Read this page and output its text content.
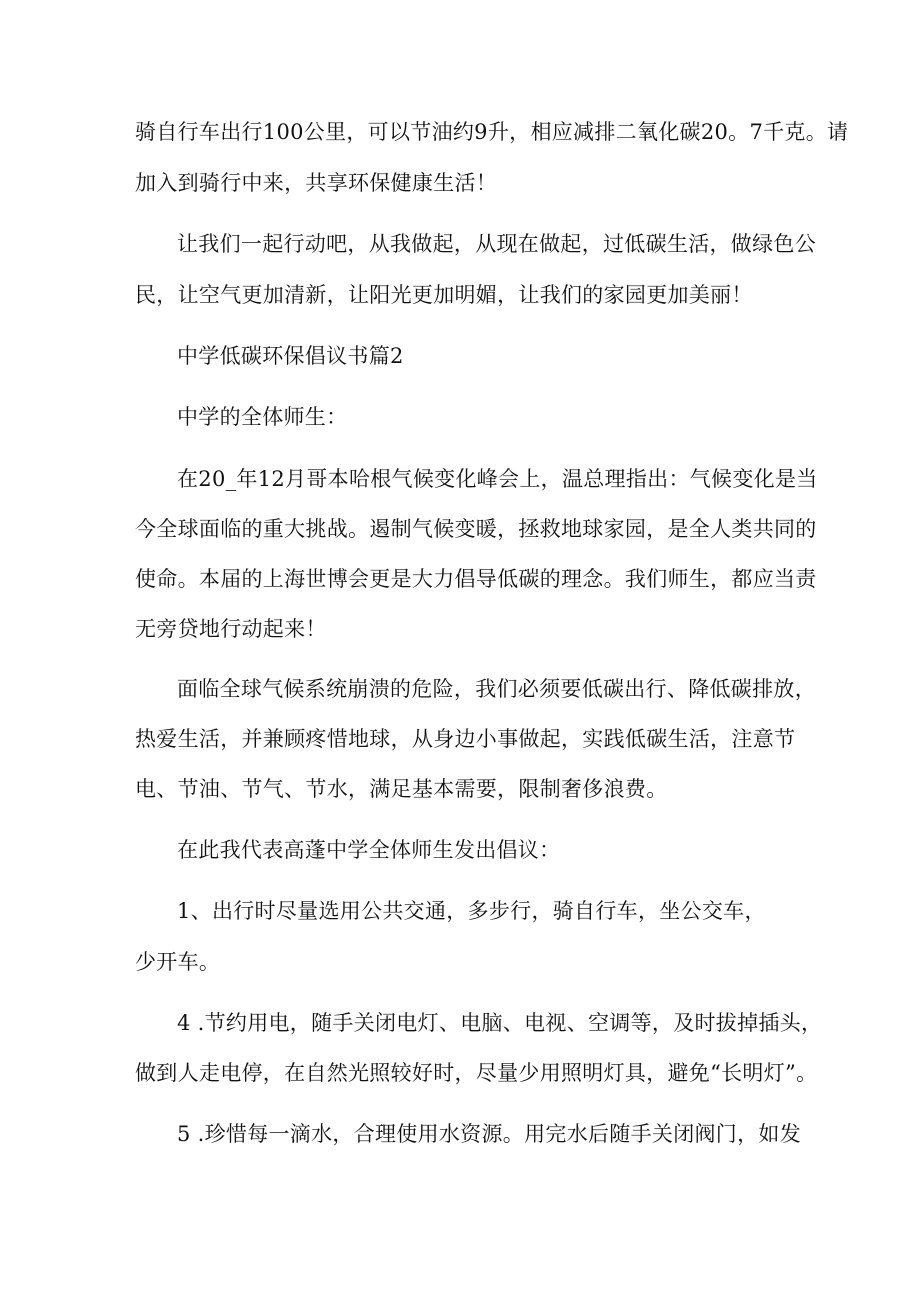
骑自行车出行100公里，可以节油约9升，相应减排二氧化碳20。7千克。请
加入到骑行中来，共享环保健康生活！
让我们一起行动吧，从我做起，从现在做起，过低碳生活，做绿色公
民，让空气更加清新，让阳光更加明媚，让我们的家园更加美丽！
中学低碳环保倡议书篇2
中学的全体师生：
在20_年12月哥本哈根气候变化峰会上，温总理指出：气候变化是当
今全球面临的重大挑战。遏制气候变暖，拯救地球家园，是全人类共同的
使命。本届的上海世博会更是大力倡导低碳的理念。我们师生，都应当责
无旁贷地行动起来！
面临全球气候系统崩溃的危险，我们必须要低碳出行、降低碳排放，
热爱生活，并兼顾疼惜地球，从身边小事做起，实践低碳生活，注意节
电、节油、节气、节水，满足基本需要，限制奢侈浪费。
在此我代表高蓬中学全体师生发出倡议：
1、出行时尽量选用公共交通，多步行，骑自行车，坐公交车，
少开车。
4 .节约用电，随手关闭电灯、电脑、电视、空调等，及时拔掉插头，
做到人走电停，在自然光照较好时，尽量少用照明灯具，避免“长明灯”。
5 .珍惜每一滴水，合理使用水资源。用完水后随手关闭阀门，如发
